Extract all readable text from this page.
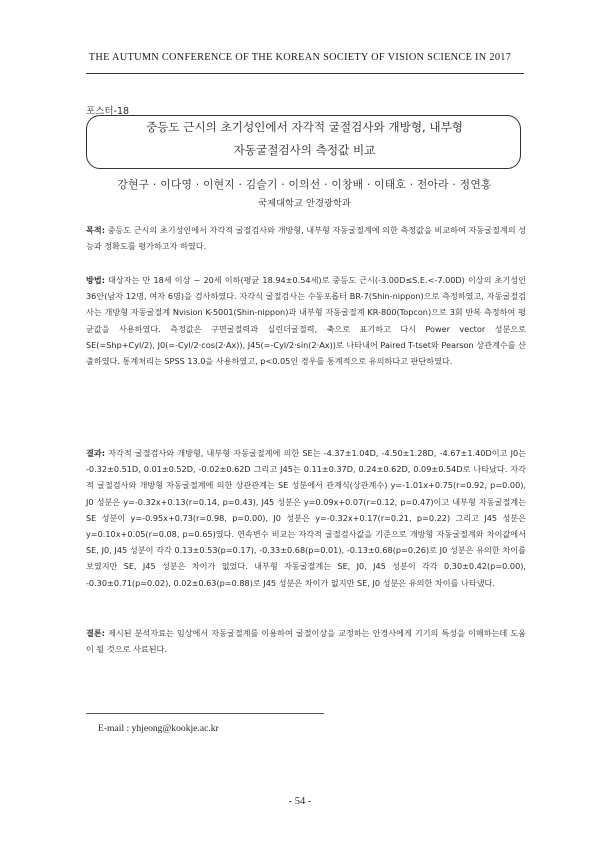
THE AUTUMN CONFERENCE OF THE KOREAN SOCIETY OF VISION SCIENCE IN 2017
포스터-18
중등도 근시의 초기성인에서 자각적 굴절검사와 개방형, 내부형
자동굴절검사의 측정값 비교
강현구 · 이다영 · 이현지 · 김슬기 · 이의선 · 이창배 · 이태호 · 전아라 · 정연홍
국제대학교 안경광학과
목적: 중등도 근시의 초기성인에서 자각적 굴절검사와 개방형, 내부형 자동굴절계에 의한 측정값을 비교하여 자동굴절계의 성능과 정확도를 평가하고자 하였다.
방법: 대상자는 만 18세 이상 ~ 20세 이하(평균 18.94±0.54세)로 중등도 근시(-3.00D≤S.E.<-7.00D) 이상의 초기성인 36안(남자 12명, 여자 6명)을 검사하였다. 자각식 굴절검사는 수동포롭터 BR-7(Shin-nippon)으로 측정하였고, 자동굴절검사는 개방형 자동굴절계 Nvision K-5001(Shin-nippon)과 내부형 자동굴절계 KR-800(Topcon)으로 3회 반복 측정하여 평균값을 사용하였다. 측정값은 구면굴절력과 실린더굴절력, 축으로 표기하고 다시 Power vector 성분으로 SE(=Shp+Cyl/2), J0(=-Cyl/2·cos(2·Ax)), J45(=-Cyl/2·sin(2·Ax))로 나타내어 Paired T-tset와 Pearson 상관계수를 산출하였다. 통계처리는 SPSS 13.0을 사용하였고, p<0.05인 경우를 통계적으로 유의하다고 판단하였다.
결과: 자각적 굴절검사와 개방형, 내부형 자동굴절계에 의한 SE는 -4.37±1.04D, -4.50±1.28D, -4.67±1.40D이고 J0는 -0.32±0.51D, 0.01±0.52D, -0.02±0.62D 그리고 J45는 0.11±0.37D, 0.24±0.62D, 0.09±0.54D로 나타났다. 자각적 굴절검사와 개방형 자동굴절계에 의한 상관관계는 SE 성분에서 관계식(상관계수) y=-1.01x+0.75(r=0.92, p=0.00), J0 성분은 y=-0.32x+0.13(r=0.14, p=0.43), J45 성분은 y=0.09x+0.07(r=0.12, p=0.47)이고 내부형 자동굴절계는 SE 성분이 y=-0.95x+0.73(r=0.98, p=0.00), J0 성분은 y=-0.32x+0.17(r=0.21, p=0.22) 그리고 J45 성분은 y=0.10x+0.05(r=0.08, p=0.65)였다. 연속변수 비교는 자각적 굴절검사값을 기준으로 개방형 자동굴절계와 차이값에서 SE, J0, J45 성분이 각각 0.13±0.53(p=0.17), -0.33±0.68(p=0.01), -0.13±0.68(p=0.26)로 J0 성분은 유의한 차이를 보였지만 SE, J45 성분은 차이가 없었다. 내부형 자동굴절계는 SE, J0, J45 성분이 각각 0.30±0.42(p=0.00), -0.30±0.71(p=0.02), 0.02±0.63(p=0.88)로 J45 성분은 차이가 없지만 SE, J0 성분은 유의한 차이를 나타냈다.
결론: 제시된 분석자료는 임상에서 자동굴절계를 이용하여 굴절이상을 교정하는 안경사에게 기기의 특성을 이해하는데 도움이 될 것으로 사료된다.
E-mail : yhjeong@kookje.ac.kr
- 54 -
